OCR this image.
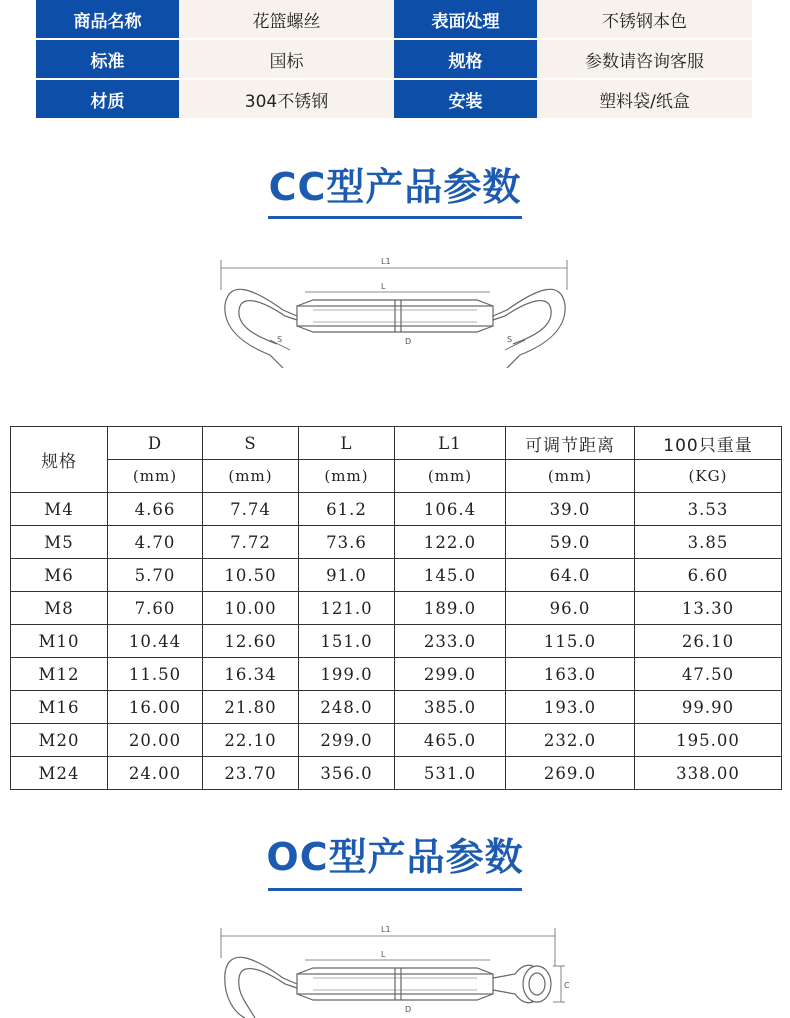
商品名称	花篮螺丝	表面处理	不锈钢本色
标准	国标	规格	参数请咨询客服
材质	304不锈钢	安装	塑料袋/纸盒
CC型产品参数
L1
L
D
S	S
规格	D	S	L	L1	可调节距离	100只重量
	(mm)	(mm)	(mm)	(mm)	(mm)	(KG)
M4	4.66	7.74	61.2	106.4	39.0	3.53
M5	4.70	7.72	73.6	122.0	59.0	3.85
M6	5.70	10.50	91.0	145.0	64.0	6.60
M8	7.60	10.00	121.0	189.0	96.0	13.30
M10	10.44	12.60	151.0	233.0	115.0	26.10
M12	11.50	16.34	199.0	299.0	163.0	47.50
M16	16.00	21.80	248.0	385.0	193.0	99.90
M20	20.00	22.10	299.0	465.0	232.0	195.00
M24	24.00	23.70	356.0	531.0	269.0	338.00
OC型产品参数
L1
L
D
C
